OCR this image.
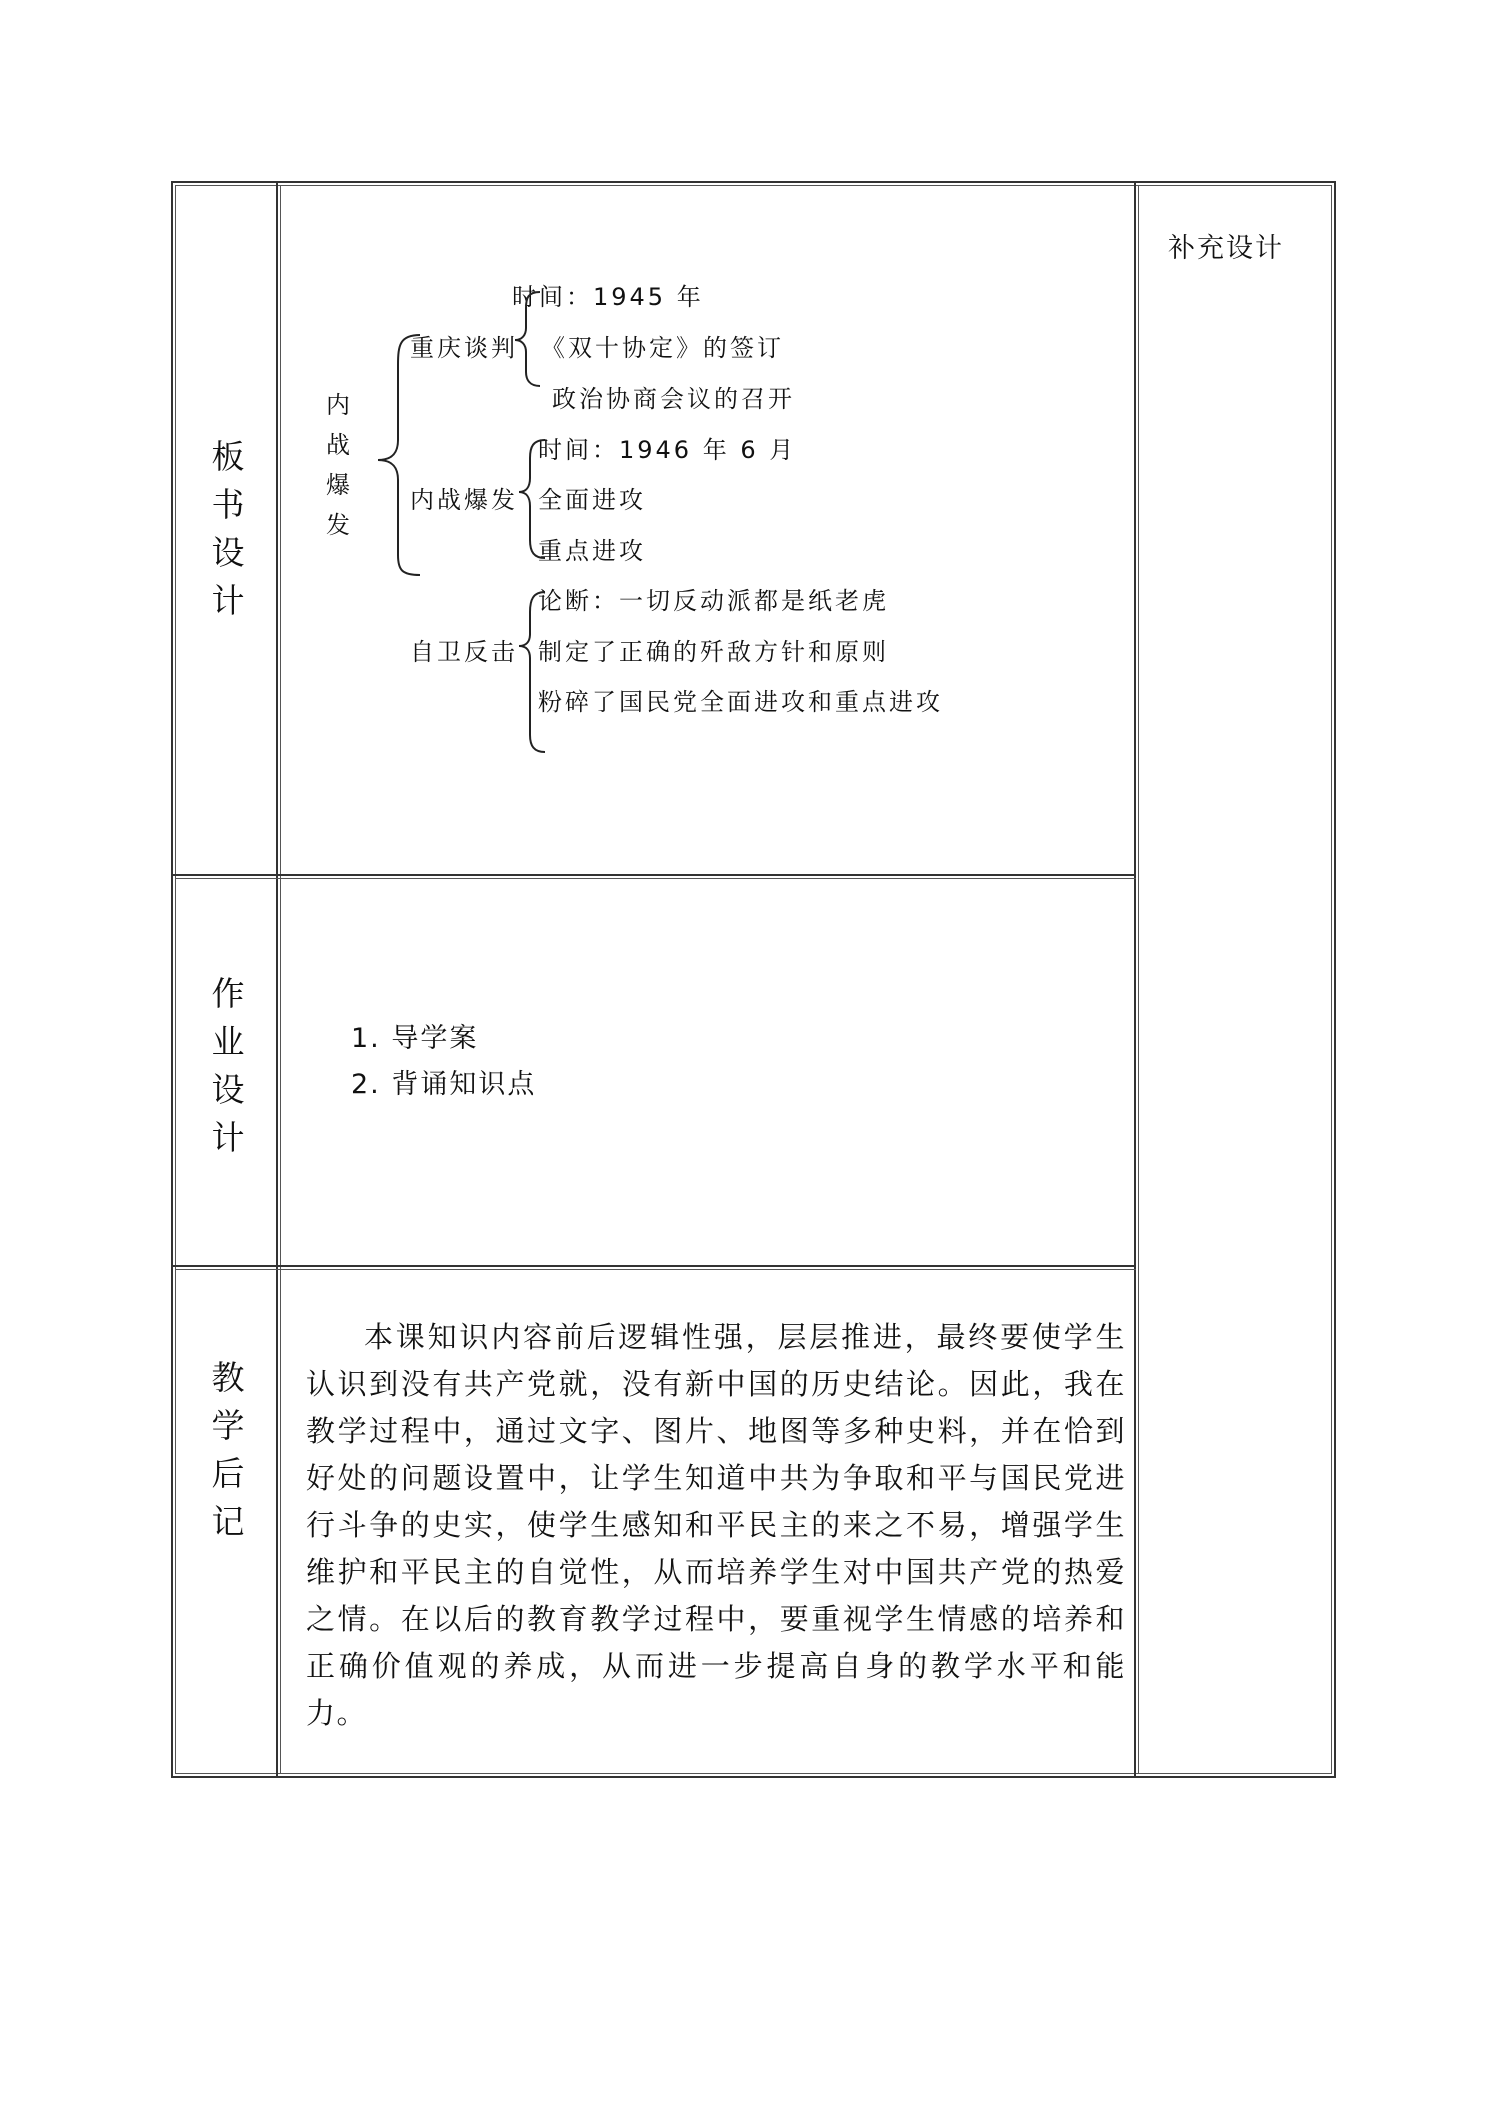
补充设计
板
书
设
计
内
战
爆
发
重庆谈判
时间：1945 年
《双十协定》的签订
政治协商会议的召开
内战爆发
时间：1946 年 6 月
全面进攻
重点进攻
自卫反击
论断：一切反动派都是纸老虎
制定了正确的歼敌方针和原则
粉碎了国民党全面进攻和重点进攻
作
业
设
计
1. 导学案
2. 背诵知识点
教
学
后
记

本课知识内容前后逻辑性强，层层推进，最终要使学生认识到没有共产党就，没有新中国的历史结论。因此，我在教学过程中，通过文字、图片、地图等多种史料，并在恰到好处的问题设置中，让学生知道中共为争取和平与国民党进行斗争的史实，使学生感知和平民主的来之不易，增强学生维护和平民主的自觉性，从而培养学生对中国共产党的热爱之情。在以后的教育教学过程中，要重视学生情感的培养和正确价值观的养成，从而进一步提高自身的教学水平和能力。
